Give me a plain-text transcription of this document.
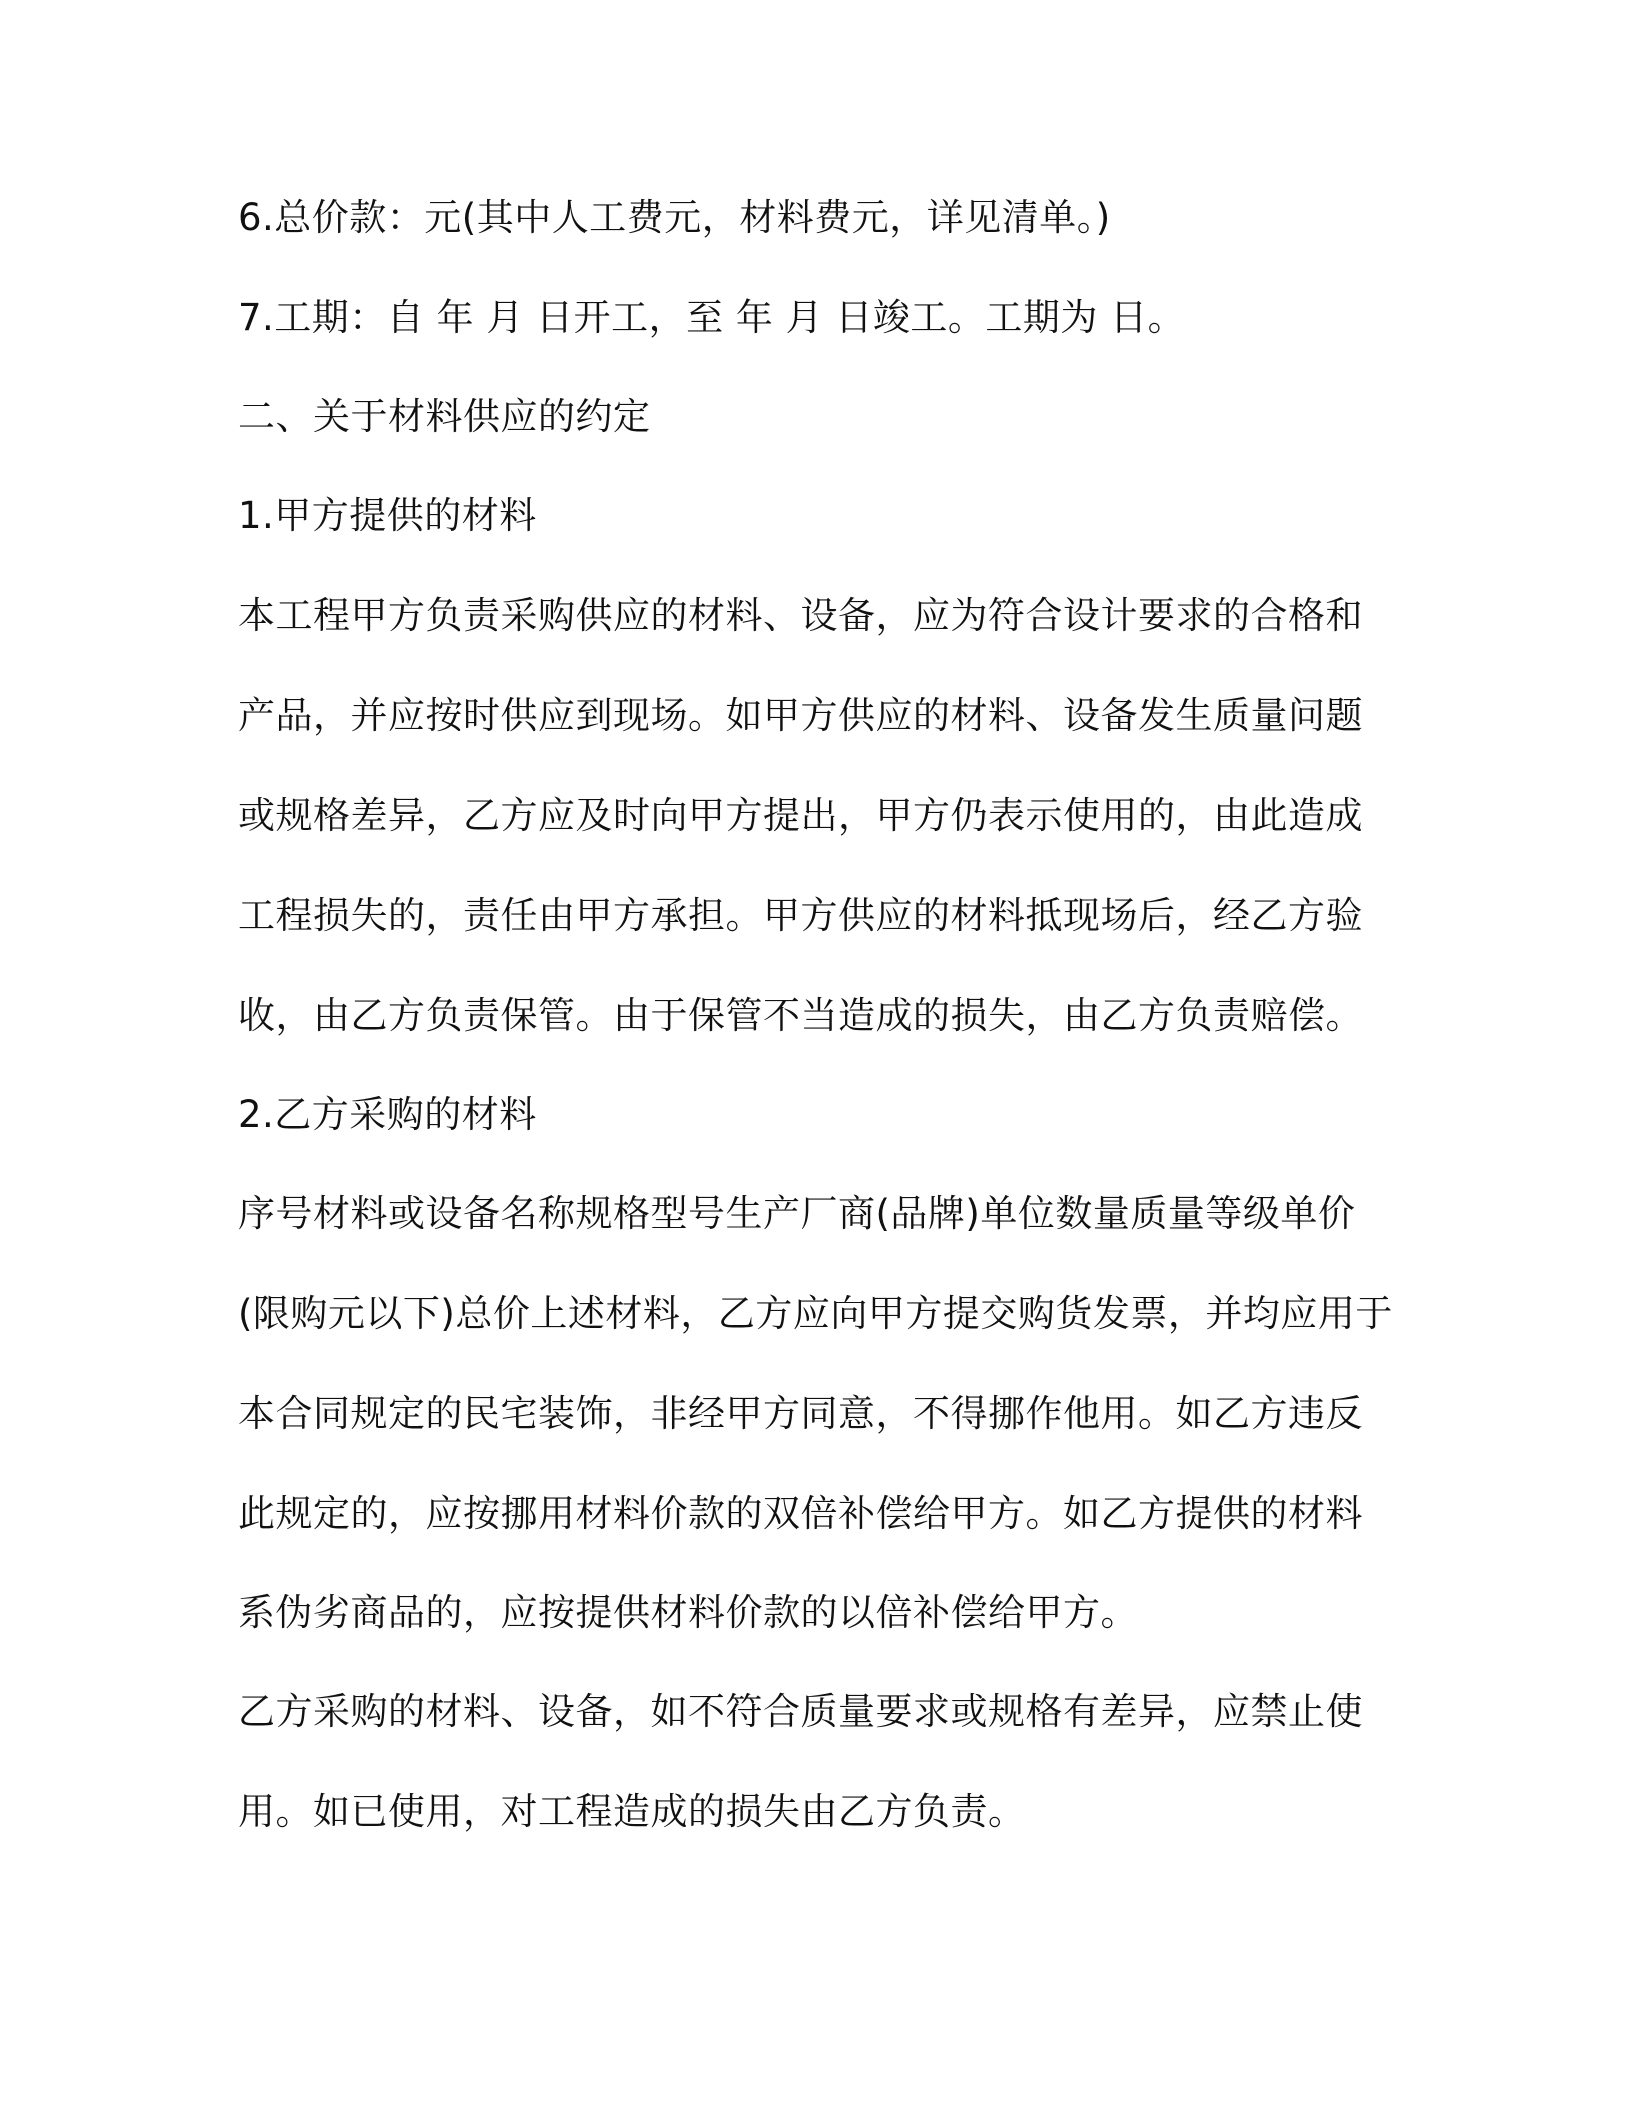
6.总价款：元(其中人工费元，材料费元，详见清单。)

7.工期：自 年 月 日开工，至 年 月 日竣工。工期为 日。

二、关于材料供应的约定

1.甲方提供的材料

本工程甲方负责采购供应的材料、设备，应为符合设计要求的合格和

产品，并应按时供应到现场。如甲方供应的材料、设备发生质量问题

或规格差异，乙方应及时向甲方提出，甲方仍表示使用的，由此造成

工程损失的，责任由甲方承担。甲方供应的材料抵现场后，经乙方验

收，由乙方负责保管。由于保管不当造成的损失，由乙方负责赔偿。

2.乙方采购的材料

序号材料或设备名称规格型号生产厂商(品牌)单位数量质量等级单价

(限购元以下)总价上述材料，乙方应向甲方提交购货发票，并均应用于

本合同规定的民宅装饰，非经甲方同意，不得挪作他用。如乙方违反

此规定的，应按挪用材料价款的双倍补偿给甲方。如乙方提供的材料

系伪劣商品的，应按提供材料价款的以倍补偿给甲方。

乙方采购的材料、设备，如不符合质量要求或规格有差异，应禁止使

用。如已使用，对工程造成的损失由乙方负责。
